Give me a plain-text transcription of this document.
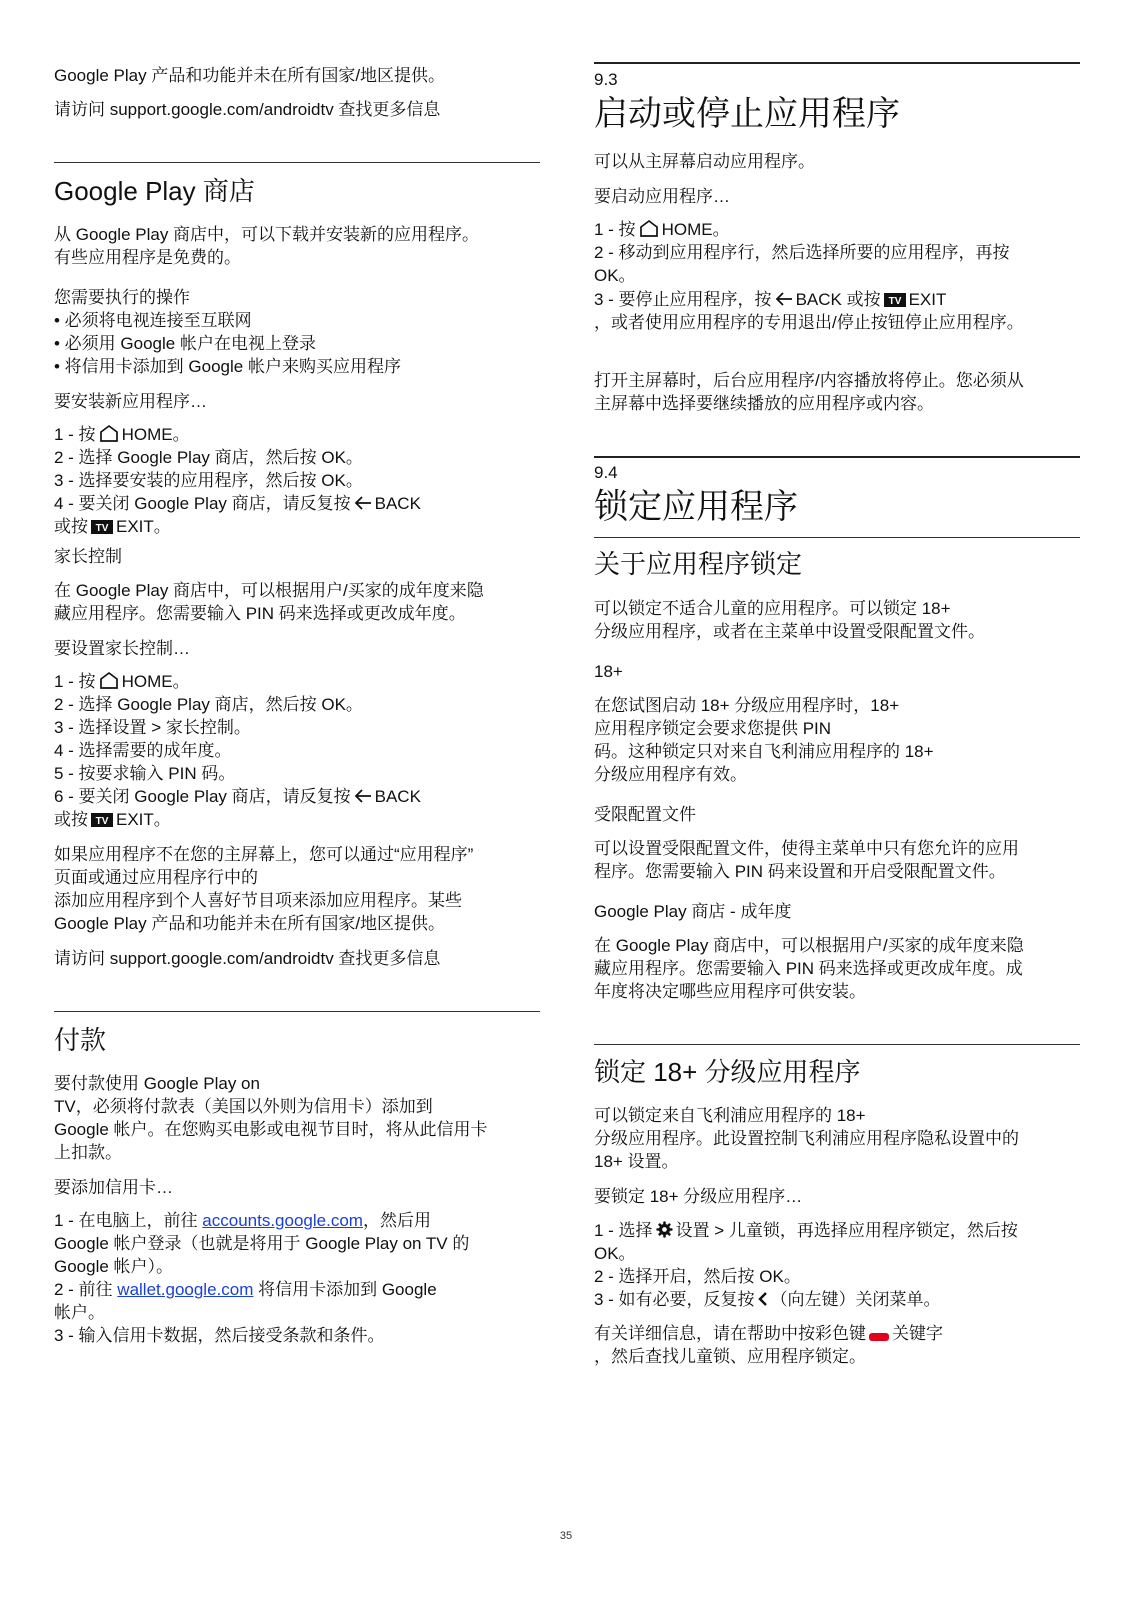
Google Play 产品和功能并未在所有国家/地区提供。
请访问 support.google.com/androidtv 查找更多信息
Google Play 商店
从 Google Play 商店中，可以下载并安装新的应用程序。
有些应用程序是免费的。
您需要执行的操作
• 必须将电视连接至互联网
• 必须用 Google 帐户在电视上登录
• 将信用卡添加到 Google 帐户来购买应用程序
要安装新应用程序…
1 - 按 HOME。
2 - 选择 Google Play 商店，然后按 OK。
3 - 选择要安装的应用程序，然后按 OK。
4 - 要关闭 Google Play 商店，请反复按 BACK
或按 TV EXIT。
家长控制
在 Google Play 商店中，可以根据用户/买家的成年度来隐
藏应用程序。您需要输入 PIN 码来选择或更改成年度。
要设置家长控制…
1 - 按 HOME。
2 - 选择 Google Play 商店，然后按 OK。
3 - 选择设置 > 家长控制。
4 - 选择需要的成年度。
5 - 按要求输入 PIN 码。
6 - 要关闭 Google Play 商店，请反复按 BACK
或按 TV EXIT。
如果应用程序不在您的主屏幕上，您可以通过“应用程序”
页面或通过应用程序行中的
添加应用程序到个人喜好节目项来添加应用程序。某些
Google Play 产品和功能并未在所有国家/地区提供。
请访问 support.google.com/androidtv 查找更多信息
付款
要付款使用 Google Play on
TV，必须将付款表（美国以外则为信用卡）添加到
Google 帐户。在您购买电影或电视节目时，将从此信用卡
上扣款。
要添加信用卡…
1 - 在电脑上，前往 accounts.google.com，然后用
Google 帐户登录（也就是将用于 Google Play on TV 的
Google 帐户）。
2 - 前往 wallet.google.com 将信用卡添加到 Google
帐户。
3 - 输入信用卡数据，然后接受条款和条件。
9.3
启动或停止应用程序
可以从主屏幕启动应用程序。
要启动应用程序…
1 - 按 HOME。
2 - 移动到应用程序行，然后选择所要的应用程序，再按
OK。
3 - 要停止应用程序，按 BACK 或按 TV EXIT
，或者使用应用程序的专用退出/停止按钮停止应用程序。
打开主屏幕时，后台应用程序/内容播放将停止。您必须从
主屏幕中选择要继续播放的应用程序或内容。
9.4
锁定应用程序
关于应用程序锁定
可以锁定不适合儿童的应用程序。可以锁定 18+
分级应用程序，或者在主菜单中设置受限配置文件。
18+
在您试图启动 18+ 分级应用程序时，18+
应用程序锁定会要求您提供 PIN
码。这种锁定只对来自飞利浦应用程序的 18+
分级应用程序有效。
受限配置文件
可以设置受限配置文件，使得主菜单中只有您允许的应用
程序。您需要输入 PIN 码来设置和开启受限配置文件。
Google Play 商店 - 成年度
在 Google Play 商店中，可以根据用户/买家的成年度来隐
藏应用程序。您需要输入 PIN 码来选择或更改成年度。成
年度将决定哪些应用程序可供安装。
锁定 18+ 分级应用程序
可以锁定来自飞利浦应用程序的 18+
分级应用程序。此设置控制飞利浦应用程序隐私设置中的
18+ 设置。
要锁定 18+ 分级应用程序…
1 - 选择 设置 > 儿童锁，再选择应用程序锁定，然后按
OK。
2 - 选择开启，然后按 OK。
3 - 如有必要，反复按 （向左键）关闭菜单。
有关详细信息，请在帮助中按彩色键 关键字
，然后查找儿童锁、应用程序锁定。
35
